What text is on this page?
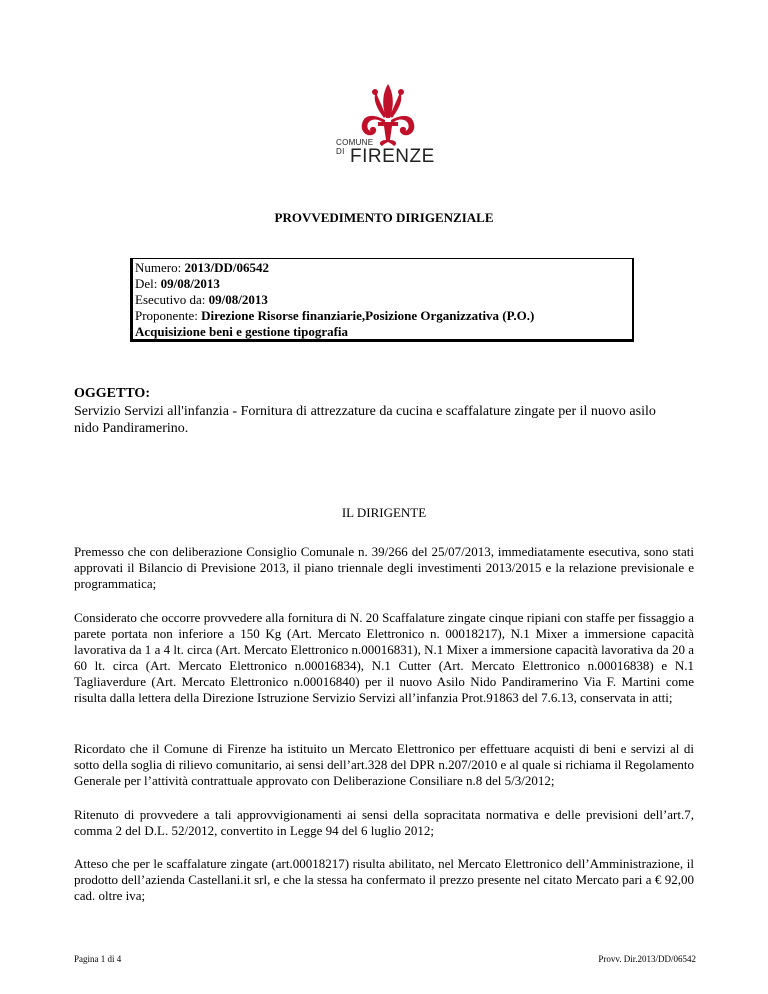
COMUNE
DI FIRENZE
PROVVEDIMENTO DIRIGENZIALE
Numero: 2013/DD/06542
Del: 09/08/2013
Esecutivo da: 09/08/2013
Proponente: Direzione Risorse finanziarie,Posizione Organizzativa (P.O.)
Acquisizione beni e gestione tipografia
OGGETTO:
Servizio Servizi all'infanzia - Fornitura di attrezzature da cucina e scaffalature zingate per il nuovo asilo nido Pandiramerino.
IL DIRIGENTE
Premesso che con deliberazione Consiglio Comunale n. 39/266 del 25/07/2013, immediatamente esecutiva, sono stati approvati il Bilancio di Previsione 2013, il piano triennale degli investimenti 2013/2015 e la relazione previsionale e programmatica;
Considerato che occorre provvedere alla fornitura di N. 20 Scaffalature zingate cinque ripiani con staffe per fissaggio a parete portata non inferiore a 150 Kg (Art. Mercato Elettronico n. 00018217), N.1 Mixer a immersione capacità lavorativa da 1 a 4 lt. circa (Art. Mercato Elettronico n.00016831), N.1 Mixer a immersione capacità lavorativa da 20 a 60 lt. circa (Art. Mercato Elettronico n.00016834), N.1 Cutter (Art. Mercato Elettronico n.00016838) e N.1 Tagliaverdure (Art. Mercato Elettronico n.00016840) per il nuovo Asilo Nido Pandiramerino Via F. Martini come risulta dalla lettera della Direzione Istruzione Servizio Servizi all’infanzia Prot.91863 del 7.6.13, conservata in atti;
Ricordato che il Comune di Firenze ha istituito un Mercato Elettronico per effettuare acquisti di beni e servizi al di sotto della soglia di rilievo comunitario, ai sensi dell’art.328 del DPR n.207/2010 e al quale si richiama il Regolamento Generale per l’attività contrattuale approvato con Deliberazione Consiliare n.8 del 5/3/2012;
Ritenuto di provvedere a tali approvvigionamenti ai sensi della sopracitata normativa e delle previsioni dell’art.7, comma 2 del D.L. 52/2012, convertito in Legge 94 del 6 luglio 2012;
Atteso che per le scaffalature zingate (art.00018217) risulta abilitato, nel Mercato Elettronico dell’Amministrazione, il prodotto dell’azienda Castellani.it srl, e che la stessa ha confermato il prezzo presente nel citato Mercato pari a € 92,00 cad. oltre iva;
Pagina 1 di 4	Provv. Dir.2013/DD/06542
